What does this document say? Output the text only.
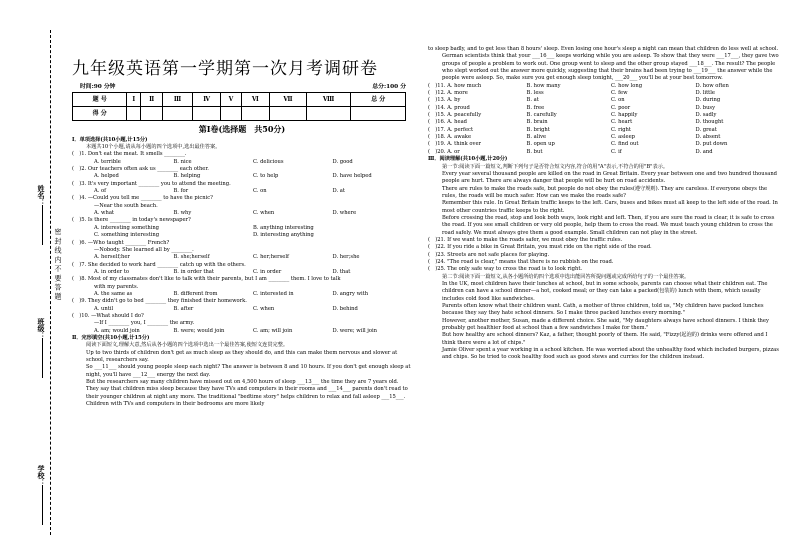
姓名：
密 封 线 内 不 要 答 题
班级：
学校：
九年级英语第一学期第一次月考调研卷
时间:90 分钟	总分:100 分
题 号	Ⅰ	Ⅱ	Ⅲ	Ⅳ	Ⅴ	Ⅵ	Ⅶ	Ⅷ	总 分
得 分									
第Ⅰ卷(选择题　共50分)

Ⅰ．单项选择(共10小题,计15分)

本题共10个小题,请从每小题的四个选项中,选出最佳答案。

(　)1. Don't eat the meat. It smells ________.

A. terrible	B. nice	C. delicious	D. good

(　)2. Our teachers often ask us ________ each other.

A. helped	B. helping	C. to help	D. have helped

(　)3. It's very important ________ you to attend the meeting.

A. of	B. for	C. on	D. at

(　)4. —Could you tell me ________ to have the picnic?

—Near the south beach.

A. what	B. why	C. when	D. where

(　)5. Is there ________ in today's newspaper?

A. interesting something	B. anything interesting
C. something interesting	D. interesting anything

(　)6. —Who taught ________ French?

—Nobody. She learned all by ________.

A. herself;her	B. she;herself	C. her;herself	D. her;she

(　)7. She decided to work hard ________ catch up with the others.

A. in order to	B. in order that	C. in order	D. that

(　)8. Most of my classmates don't like to talk with their parents, but I am ________ them. I love to talk

with my parents.

A. the same as	B. different from	C. interested in	D. angry with

(　)9. They didn't go to bed ________ they finished their homework.

A. until	B. after	C. when	D. behind

(　)10. —What should I do?

—If I ________ you, I ________ the army.

A. am; would join	B. were; would join	C. am; will join	D. were; will join

Ⅱ．完形填空(共10小题,计15分)

阅读下面短文,理解大意,然后从各小题的四个选项中选出一个最佳答案,使短文连贯完整。

Up to two thirds of children don't get as much sleep as they should do, and this can make them nervous and slower at school, researchers say.

So ___11___ should young people sleep each night? The answer is between 8 and 10 hours. If you don't get enough sleep at night, you'll have ___12___ energy the next day.

But the researchers say many children have missed out on 4,500 hours of sleep ___13___ the time they are 7 years old. They say that children miss sleep because they have TVs and computers in their rooms and ___14___ parents don't read to their younger children at night any more. The traditional "bedtime story" helps children to relax and fall asleep ___15___. Children with TVs and computers in their bedrooms are more likely

to sleep badly, and to get less than 8 hours' sleep. Even losing one hour's sleep a night can mean that children do less well at school.

German scientists think that your ___16___ keeps working while you are asleep. To show that they were ___17___, they gave two groups of people a problem to work out. One group went to sleep and the other group stayed ___18___. The result? The people who slept worked out the answer more quickly, suggesting that their brains had been trying to ___19___ the answer while the people were asleep. So, make sure you get enough sleep tonight, ___20___ you'll be at your best tomorrow.

(　)11. A. how much	B. how many	C. how long	D. how often
(　)12. A. more	B. less	C. few	D. little
(　)13. A. by	B. at	C. on	D. during
(　)14. A. proud	B. free	C. poor	D. busy
(　)15. A. peacefully	B. carefully	C. happily	D. sadly
(　)16. A. head	B. brain	C. heart	D. thought
(　)17. A. perfect	B. bright	C. right	D. great
(　)18. A. awake	B. alive	C. asleep	D. absent
(　)19. A. think over	B. open up	C. find out	D. put down
(　)20. A. or	B. but	C. if	D. and

Ⅲ．阅读理解(共10小题,计20分)

第一节:阅读下面一篇短文,判断下列句子是否符合短文内容,符合的用"A"表示,不符合的用"B"表示。

Every year several thousand people are killed on the road in Great Britain. Every year between one and two hundred thousand people are hurt. There are always danger that people will be hurt on road accidents.

There are rules to make the roads safe, but people do not obey the rules(遵守规则). They are careless. If everyone obeys the rules, the roads will be much safer. How can we make the roads safe?

Remember this rule. In Great Britain traffic keeps to the left. Cars, buses and bikes must all keep to the left side of the road. In most other countries traffic keeps to the right.

Before crossing the road, stop and look both ways, look right and left. Then, if you are sure the road is clear, it is safe to cross the road. If you see small children or very old people, help them to cross the road. We must teach young children to cross the road safely. We must always give them a good example. Small children can not play in the street.

(　)21. If we want to make the roads safer, we must obey the traffic rules.

(　)22. If you ride a bike in Great Britain, you must ride on the right side of the road.

(　)23. Streets are not safe places for playing.

(　)24. "The road is clear," means that there is no rubbish on the road.

(　)25. The only safe way to cross the road is to look right.

第二节:阅读下面一篇短文,从各小题所给的四个选项中选出能回答所提问题或完成所给句子的一个最佳答案。

In the UK, most children have their lunches at school, but in some schools, parents can choose what their children eat. The children can have a school dinner—a hot, cooked meal; or they can take a packed(包装的) lunch with them, which usually includes cold food like sandwiches.

Parents often know what their children want. Cath, a mother of three children, told us, "My children have packed lunches because they say they hate school dinners. So I make three packed lunches every morning."

However, another mother, Susan, made a different choice. She said, "My daughters always have school dinners. I think they probably get healthier food at school than a few sandwiches I make for them."

But how healthy are school dinners? Kaz, a father, thought poorly of them. He said, "Fizzy(起泡的) drinks were offered and I think there were a lot of chips."

Jamie Oliver spent a year working in a school kitchen. He was worried about the unhealthy food which included burgers, pizzas and chips. So he tried to cook healthy food such as good stews and curries for the children instead.
